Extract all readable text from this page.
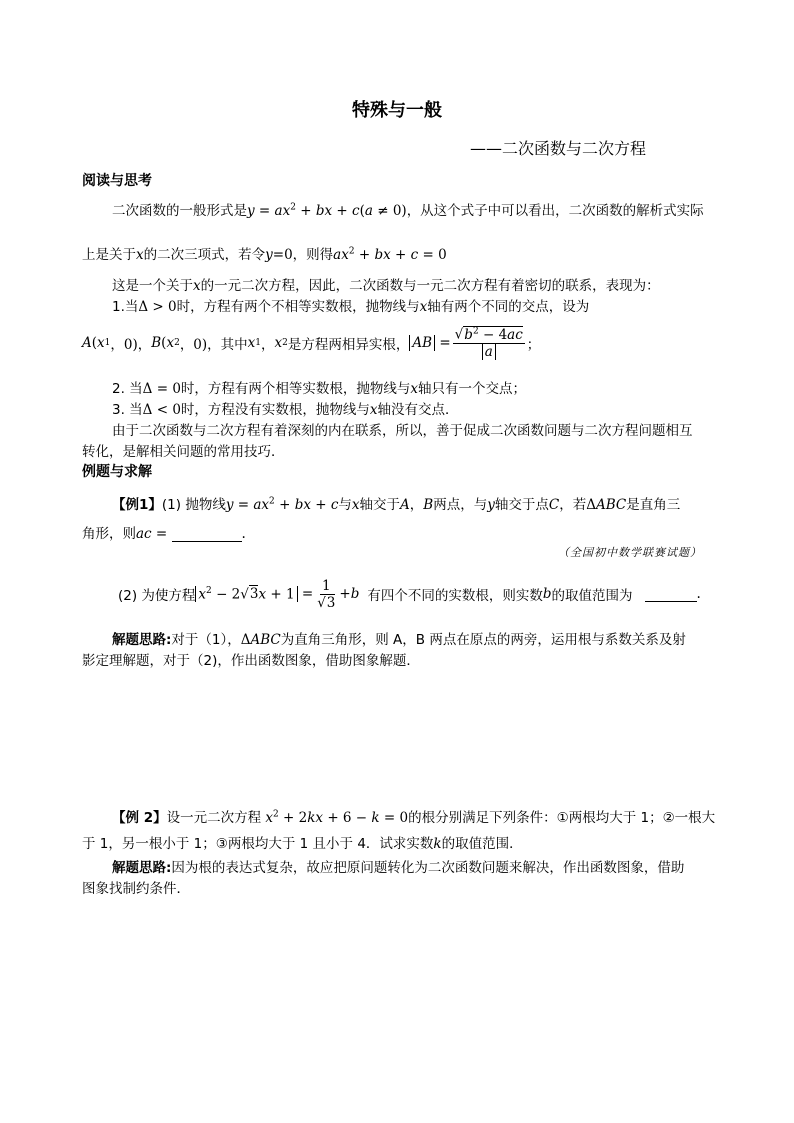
特殊与一般
——二次函数与二次方程
阅读与思考
二次函数的一般形式是$y = ax^2$ + bx + c(a ≠ 0)，从这个式子中可以看出，二次函数的解析式实际
上是关于x的二次三项式，若令y=0，则得$ax^2$ + bx + c = 0
这是一个关于x的一元二次方程，因此，二次函数与一元二次方程有着密切的联系，表现为：
1.当Δ > 0时，方程有两个不相等实数根，抛物线与x轴有两个不同的交点，设为
A ( x 1 ，0)， B ( x 2 ，0) ，其中 x 1 ， x 2 是方程两相异实根， AB = $\frac{√b^2 - 4ac}{a}$ ；
2. 当Δ = 0时，方程有两个相等实数根，抛物线与x轴只有一个交点；
3. 当Δ < 0时，方程没有实数根，抛物线与x轴没有交点．
由于二次函数与二次方程有着深刻的内在联系，所以，善于促成二次函数问题与二次方程问题相互
转化，是解相关问题的常用技巧．
例题与求解
【例1】(1) 抛物线$y = ax^2$ + bx + c与x轴交于A，B两点，与y轴交于点C，若ΔABC是直角三
角形，则ac =	.
（全国初中数学联赛试题）
(2) 为使方程 $x^2 - 2√3x + 1 = \frac{1}{√3} + b$ 有四个不同的实数根，则实数 b 的取值范围为	.
解题思路:对于（1），ΔABC为直角三角形，则 A，B 两点在原点的两旁，运用根与系数关系及射
影定理解题，对于（2)，作出函数图象，借助图象解题．
【例 2】设一元二次方程 $x^2 + 2kx + 6 - k = 0$的根分别满足下列条件：①两根均大于 1；②一根大
于 1，另一根小于 1；③两根均大于 1 且小于 4．试求实数k的取值范围．
解题思路:因为根的表达式复杂，故应把原问题转化为二次函数问题来解决，作出函数图象，借助
图象找制约条件．
